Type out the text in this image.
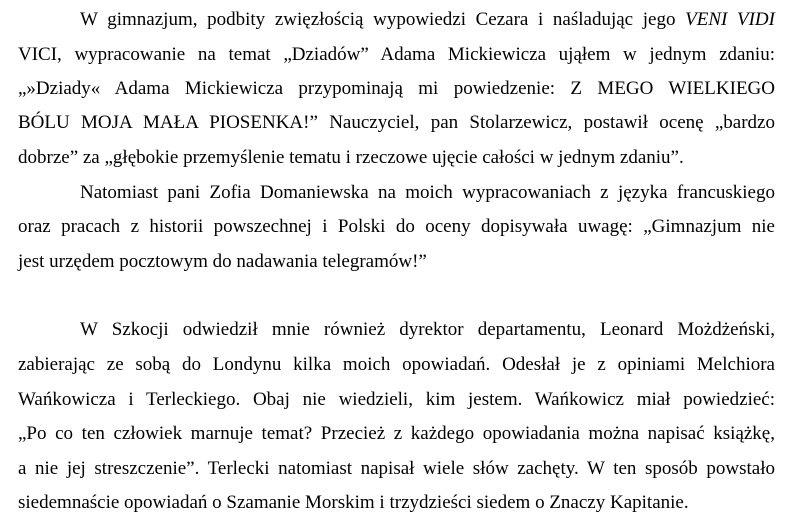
W gimnazjum, podbity zwięzłością wypowiedzi Cezara i naśladując jego VENI VIDI
VICI, wypracowanie na temat „Dziadów” Adama Mickiewicza ująłem w jednym zdaniu:
„»Dziady« Adama Mickiewicza przypominają mi powiedzenie: Z MEGO WIELKIEGO
BÓLU MOJA MAŁA PIOSENKA!” Nauczyciel, pan Stolarzewicz, postawił ocenę „bardzo
dobrze” za „głębokie przemyślenie tematu i rzeczowe ujęcie całości w jednym zdaniu”.
Natomiast pani Zofia Domaniewska na moich wypracowaniach z języka francuskiego
oraz pracach z historii powszechnej i Polski do oceny dopisywała uwagę: „Gimnazjum nie
jest urzędem pocztowym do nadawania telegramów!”
W Szkocji odwiedził mnie również dyrektor departamentu, Leonard Możdżeński,
zabierając ze sobą do Londynu kilka moich opowiadań. Odesłał je z opiniami Melchiora
Wańkowicza i Terleckiego. Obaj nie wiedzieli, kim jestem. Wańkowicz miał powiedzieć:
„Po co ten człowiek marnuje temat? Przecież z każdego opowiadania można napisać książkę,
a nie jej streszczenie”. Terlecki natomiast napisał wiele słów zachęty. W ten sposób powstało
siedemnaście opowiadań o Szamanie Morskim i trzydzieści siedem o Znaczy Kapitanie.
